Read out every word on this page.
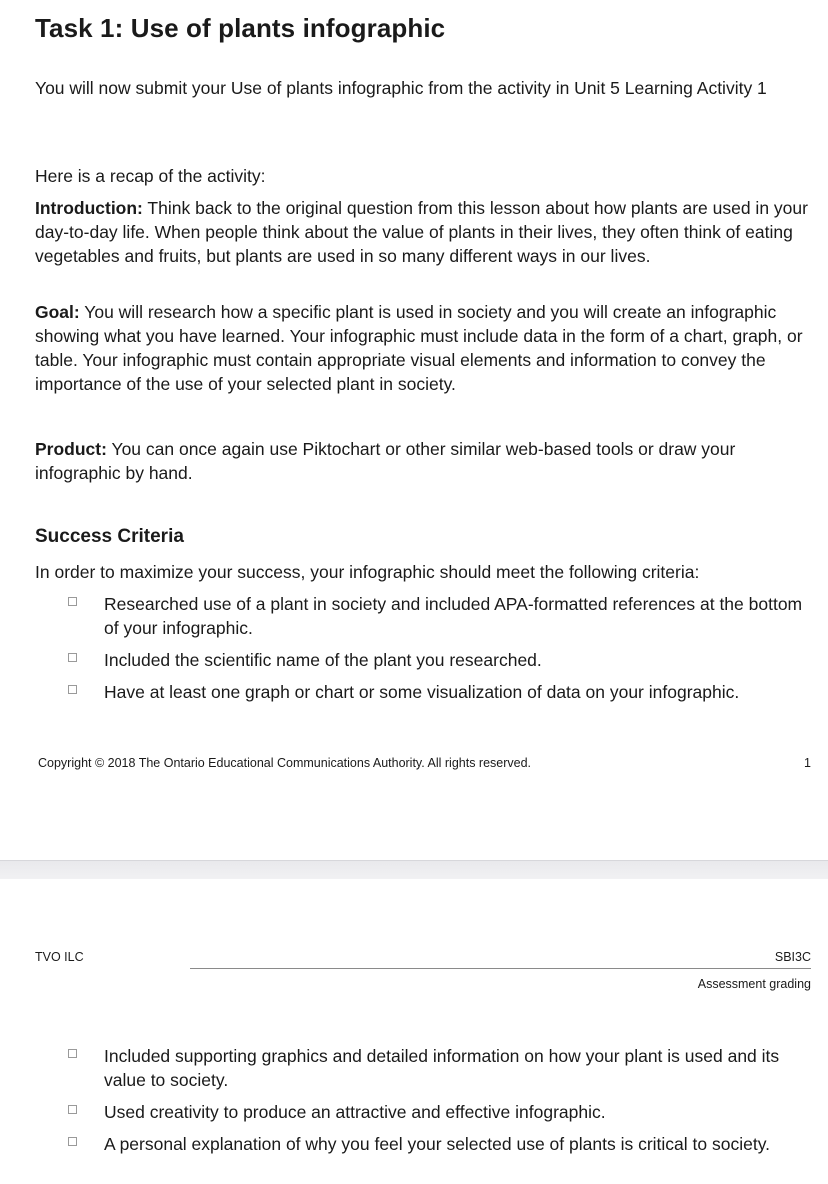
Task 1: Use of plants infographic

You will now submit your Use of plants infographic from the activity in Unit 5 Learning Activity 1

Here is a recap of the activity:

Introduction: Think back to the original question from this lesson about how plants are used in your day-to-day life. When people think about the value of plants in their lives, they often think of eating vegetables and fruits, but plants are used in so many different ways in our lives.

Goal: You will research how a specific plant is used in society and you will create an infographic showing what you have learned. Your infographic must include data in the form of a chart, graph, or table. Your infographic must contain appropriate visual elements and information to convey the importance of the use of your selected plant in society.

Product: You can once again use Piktochart or other similar web-based tools or draw your infographic by hand.

Success Criteria

In order to maximize your success, your infographic should meet the following criteria:

Researched use of a plant in society and included APA-formatted references at the bottom of your infographic.
Included the scientific name of the plant you researched.
Have at least one graph or chart or some visualization of data on your infographic.
Copyright © 2018 The Ontario Educational Communications Authority. All rights reserved.	1
TVO ILC	SBI3C
Assessment grading
Included supporting graphics and detailed information on how your plant is used and its value to society.
Used creativity to produce an attractive and effective infographic.
A personal explanation of why you feel your selected use of plants is critical to society.
